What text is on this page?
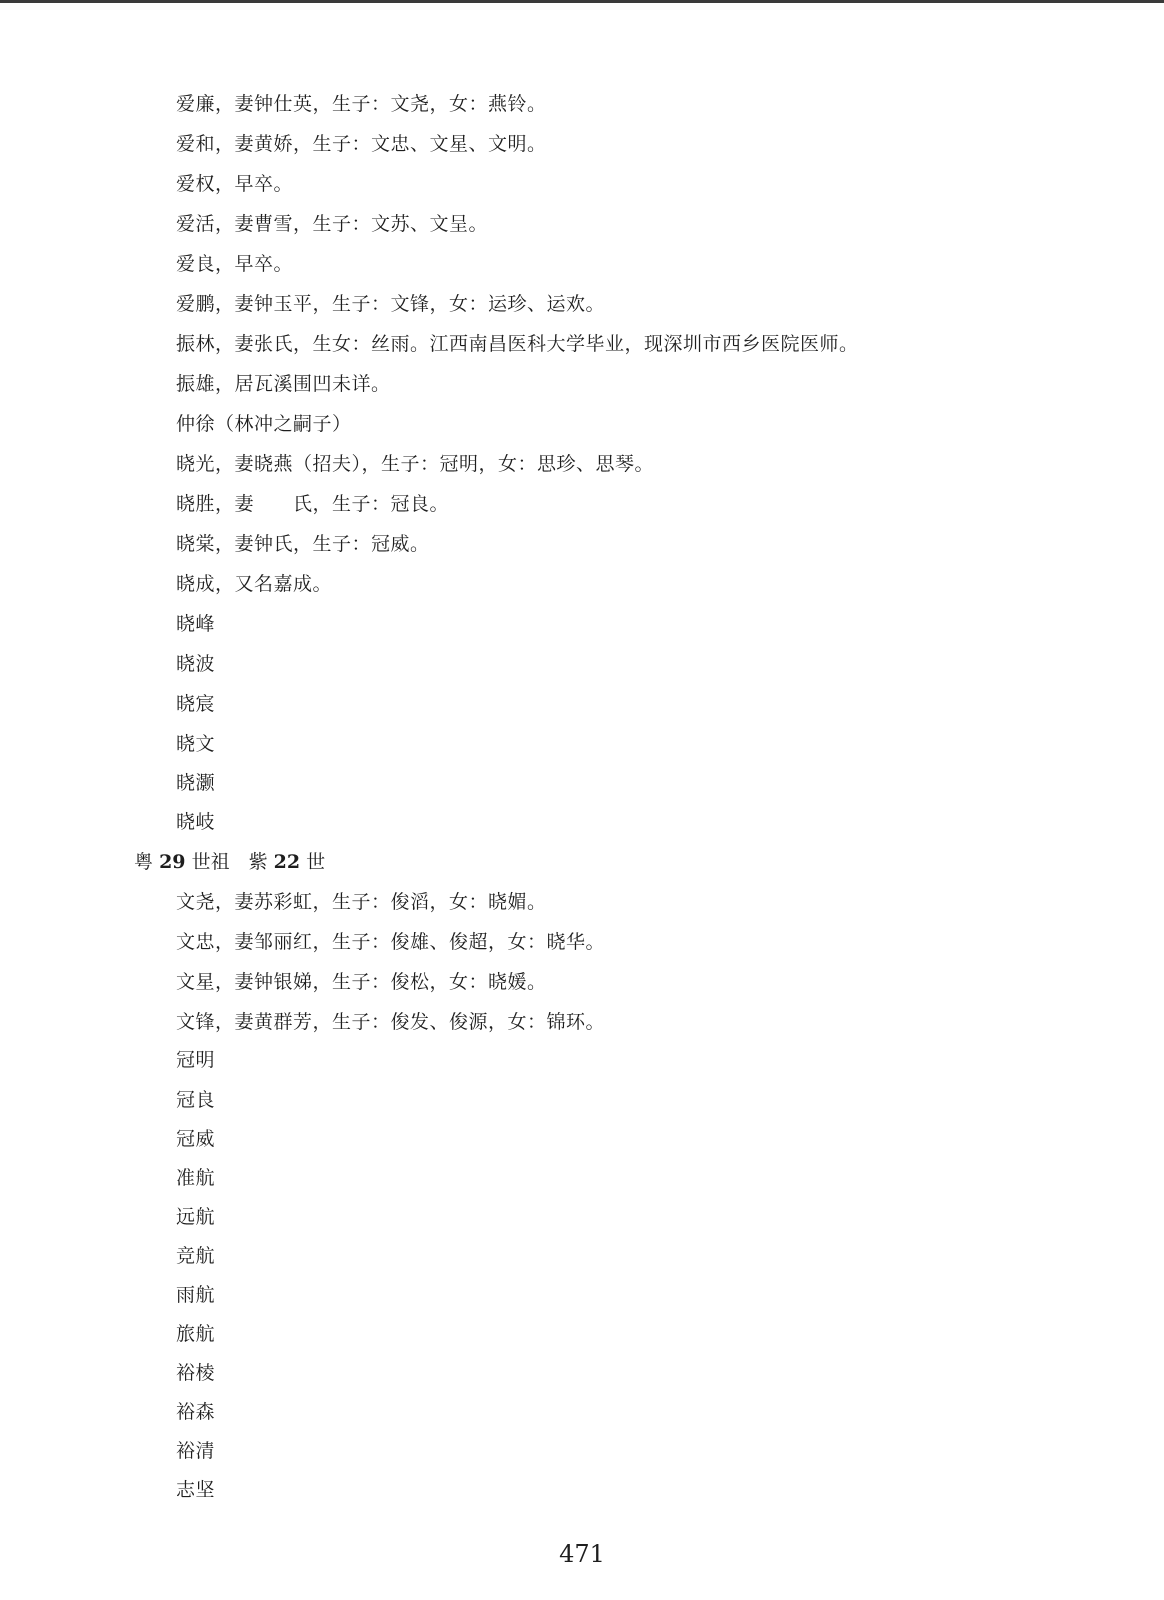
爱廉，妻钟仕英，生子：文尧，女：燕铃。
爱和，妻黄娇，生子：文忠、文星、文明。
爱权，早卒。
爱活，妻曹雪，生子：文苏、文呈。
爱良，早卒。
爱鹏，妻钟玉平，生子：文锋，女：运珍、运欢。
振林，妻张氏，生女：丝雨。江西南昌医科大学毕业，现深圳市西乡医院医师。
振雄，居瓦溪围凹未详。
仲徐（林冲之嗣子）
晓光，妻晓燕（招夫），生子：冠明，女：思珍、思琴。
晓胜，妻　　氏，生子：冠良。
晓棠，妻钟氏，生子：冠威。
晓成，又名嘉成。
晓峰
晓波
晓宸
晓文
晓灏
晓岐
粤 29 世祖　紫 22 世
文尧，妻苏彩虹，生子：俊滔，女：晓媚。
文忠，妻邹丽红，生子：俊雄、俊超，女：晓华。
文星，妻钟银娣，生子：俊松，女：晓媛。
文锋，妻黄群芳，生子：俊发、俊源，女：锦环。
冠明
冠良
冠威
准航
远航
竞航
雨航
旅航
裕棱
裕森
裕清
志坚
471
